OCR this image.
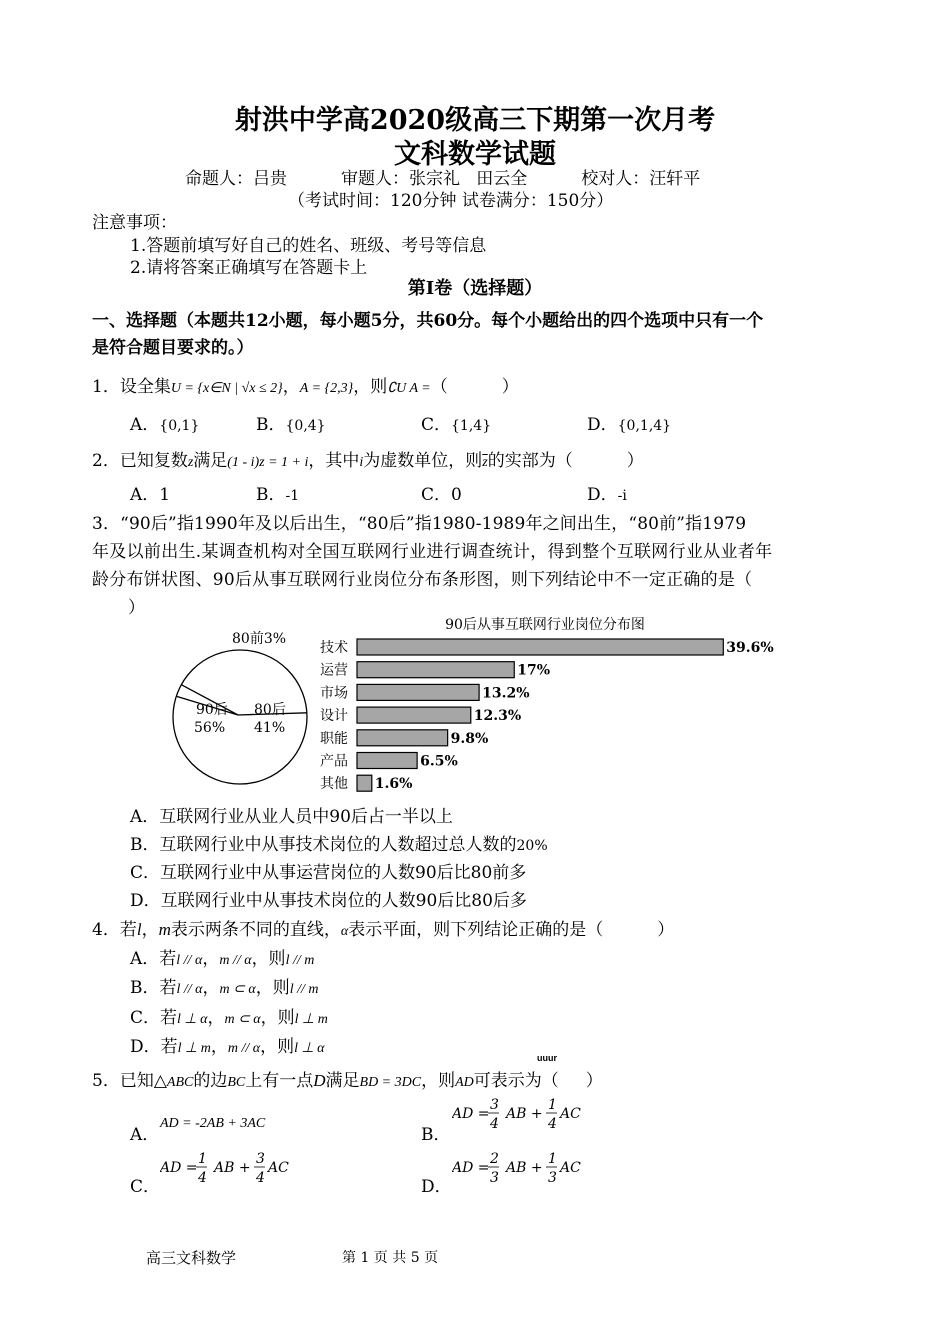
射洪中学高2020级高三下期第一次月考
文科数学试题
命题人：吕贵          审题人：张宗礼   田云全          校对人：汪轩平
（考试时间：120分钟 试卷满分：150分）
注意事项：
1.答题前填写好自己的姓名、班级、考号等信息
2.请将答案正确填写在答题卡上
第Ⅰ卷（选择题）
一、选择题（本题共12小题，每小题5分，共60分。每个小题给出的四个选项中只有一个
是符合题目要求的。）
1．设全集U = {x∈N | √x ≤ 2}，A = {2,3}，则∁U A =（          ）
A．{0,1}	B．{0,4}	C．{1,4}	D．{0,1,4}
2．已知复数z满足(1 - i)z = 1 + i，其中i为虚数单位，则$\overline{z}$的实部为（          ）
A．1	B．-1	C．0	D．-i
3．“90后”指1990年及以后出生，“80后”指1980-1989年之间出生，“80前”指1979
年及以前出生.某调查机构对全国互联网行业进行调查统计，得到整个互联网行业从业者年
龄分布饼状图、90后从事互联网行业岗位分布条形图，则下列结论中不一定正确的是（
）
80前3%
90后
56%
80后
41%
90后从事互联网行业岗位分布图
技术	39.6%
运营	17%
市场	13.2%
设计	12.3%
职能	9.8%
产品	6.5%
其他 1.6%
A．互联网行业从业人员中90后占一半以上
B．互联网行业中从事技术岗位的人数超过总人数的20%
C．互联网行业中从事运营岗位的人数90后比80前多
D．互联网行业中从事技术岗位的人数90后比80后多
4．若l，m表示两条不同的直线，α表示平面，则下列结论正确的是（          ）
A．若l // α，m // α，则l // m
B．若l // α，m ⊂ α，则l // m
C．若l ⊥ α，m ⊂ α，则l ⊥ m
D．若l ⊥ m，m // α，则l ⊥ α
uuur
5．已知△ABC的边BC上有一点D满足BD = 3DC，则AD可表示为（     ）
A．
AD = -2AB + 3AC
B．
AD =
3
4
AB +
1
4
AC
C．
AD =
1
4
AB +
3
4
AC
D．
AD =
2
3
AB +
1
3
AC
高三文科数学	第 1 页 共 5 页
